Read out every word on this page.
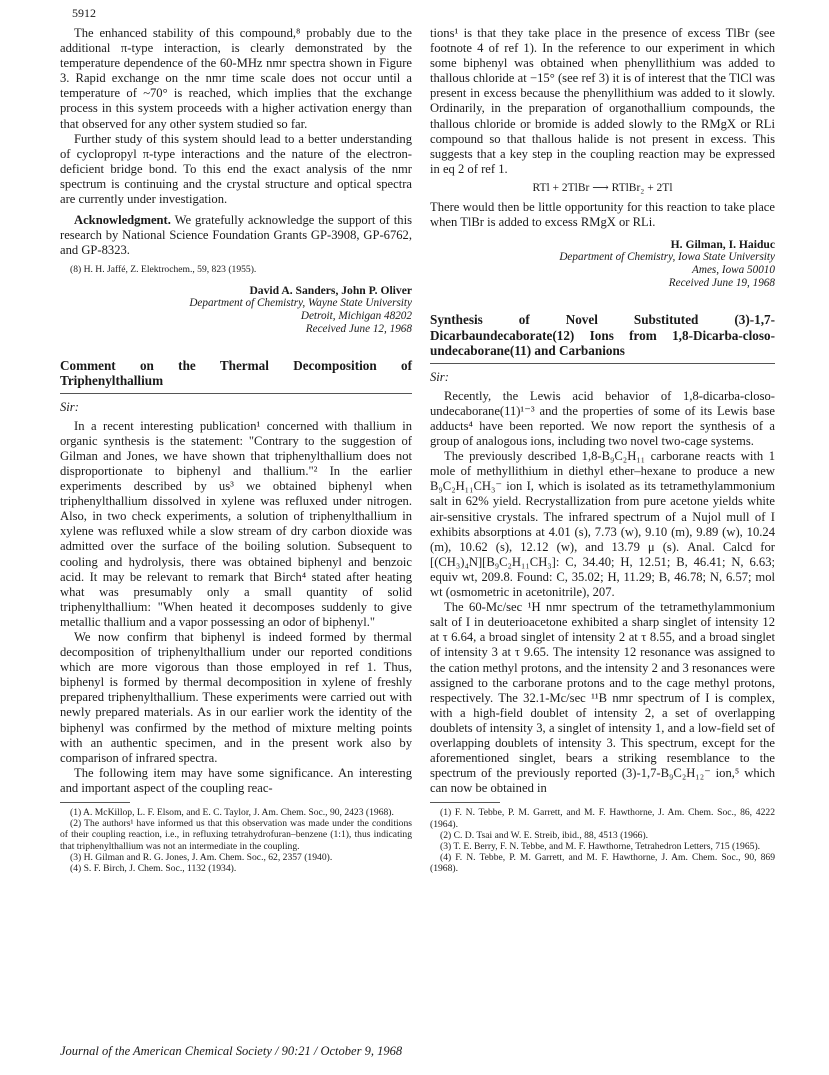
5912

The enhanced stability of this compound,⁸ probably due to the additional π-type interaction, is clearly demonstrated by the temperature dependence of the 60-MHz nmr spectra shown in Figure 3. Rapid exchange on the nmr time scale does not occur until a temperature of ~70° is reached, which implies that the exchange process in this system proceeds with a higher activation energy than that observed for any other system studied so far.

Further study of this system should lead to a better understanding of cyclopropyl π-type interactions and the nature of the electron-deficient bridge bond. To this end the exact analysis of the nmr spectrum is continuing and the crystal structure and optical spectra are currently under investigation.

Acknowledgment. We gratefully acknowledge the support of this research by National Science Foundation Grants GP-3908, GP-6762, and GP-8323.

(8) H. H. Jaffé, Z. Elektrochem., 59, 823 (1955).

David A. Sanders, John P. Oliver
Department of Chemistry, Wayne State University
Detroit, Michigan 48202
Received June 12, 1968
Comment on the Thermal Decomposition of Triphenylthallium
Sir:

In a recent interesting publication¹ concerned with thallium in organic synthesis is the statement: "Contrary to the suggestion of Gilman and Jones, we have shown that triphenylthallium does not disproportionate to biphenyl and thallium."² In the earlier experiments described by us³ we obtained biphenyl when triphenylthallium dissolved in xylene was refluxed under nitrogen. Also, in two check experiments, a solution of triphenylthallium in xylene was refluxed while a slow stream of dry carbon dioxide was admitted over the surface of the boiling solution. Subsequent to cooling and hydrolysis, there was obtained biphenyl and benzoic acid. It may be relevant to remark that Birch⁴ stated after heating what was presumably only a small quantity of solid triphenylthallium: "When heated it decomposes suddenly to give metallic thallium and a vapor possessing an odor of biphenyl."

We now confirm that biphenyl is indeed formed by thermal decomposition of triphenylthallium under our reported conditions which are more vigorous than those employed in ref 1. Thus, biphenyl is formed by thermal decomposition in xylene of freshly prepared triphenylthallium. These experiments were carried out with newly prepared materials. As in our earlier work the identity of the biphenyl was confirmed by the method of mixture melting points with an authentic specimen, and in the present work also by comparison of infrared spectra.

The following item may have some significance. An interesting and important aspect of the coupling reac-

(1) A. McKillop, L. F. Elsom, and E. C. Taylor, J. Am. Chem. Soc., 90, 2423 (1968).

(2) The authors¹ have informed us that this observation was made under the conditions of their coupling reaction, i.e., in refluxing tetrahydrofuran–benzene (1:1), thus indicating that triphenylthallium was not an intermediate in the coupling.

(3) H. Gilman and R. G. Jones, J. Am. Chem. Soc., 62, 2357 (1940).

(4) S. F. Birch, J. Chem. Soc., 1132 (1934).

tions¹ is that they take place in the presence of excess TlBr (see footnote 4 of ref 1). In the reference to our experiment in which some biphenyl was obtained when phenyllithium was added to thallous chloride at −15° (see ref 3) it is of interest that the TlCl was present in excess because the phenyllithium was added to it slowly. Ordinarily, in the preparation of organothallium compounds, the thallous chloride or bromide is added slowly to the RMgX or RLi compound so that thallous halide is not present in excess. This suggests that a key step in the coupling reaction may be expressed in eq 2 of ref 1.

RTl + 2TlBr ⟶ RTlBr₂ + 2Tl

There would then be little opportunity for this reaction to take place when TlBr is added to excess RMgX or RLi.

H. Gilman, I. Haiduc
Department of Chemistry, Iowa State University
Ames, Iowa 50010
Received June 19, 1968
Synthesis of Novel Substituted (3)-1,7-Dicarbaundecaborate(12) Ions from 1,8-Dicarba-closo-undecaborane(11) and Carbanions
Sir:

Recently, the Lewis acid behavior of 1,8-dicarba-closo-undecaborane(11)¹⁻³ and the properties of some of its Lewis base adducts⁴ have been reported. We now report the synthesis of a group of analogous ions, including two novel two-cage systems.

The previously described 1,8-B₉C₂H₁₁ carborane reacts with 1 mole of methyllithium in diethyl ether–hexane to produce a new B₉C₂H₁₁CH₃⁻ ion I, which is isolated as its tetramethylammonium salt in 62% yield. Recrystallization from pure acetone yields white air-sensitive crystals. The infrared spectrum of a Nujol mull of I exhibits absorptions at 4.01 (s), 7.73 (w), 9.10 (m), 9.89 (w), 10.24 (m), 10.62 (s), 12.12 (w), and 13.79 μ (s). Anal. Calcd for [(CH₃)₄N][B₉C₂H₁₁CH₃]: C, 34.40; H, 12.51; B, 46.41; N, 6.63; equiv wt, 209.8. Found: C, 35.02; H, 11.29; B, 46.78; N, 6.57; mol wt (osmometric in acetonitrile), 207.

The 60-Mc/sec ¹H nmr spectrum of the tetramethylammonium salt of I in deuterioacetone exhibited a sharp singlet of intensity 12 at τ 6.64, a broad singlet of intensity 2 at τ 8.55, and a broad singlet of intensity 3 at τ 9.65. The intensity 12 resonance was assigned to the cation methyl protons, and the intensity 2 and 3 resonances were assigned to the carborane protons and to the cage methyl protons, respectively. The 32.1-Mc/sec ¹¹B nmr spectrum of I is complex, with a high-field doublet of intensity 2, a set of overlapping doublets of intensity 3, a singlet of intensity 1, and a low-field set of overlapping doublets of intensity 3. This spectrum, except for the aforementioned singlet, bears a striking resemblance to the spectrum of the previously reported (3)-1,7-B₉C₂H₁₂⁻ ion,⁵ which can now be obtained in

(1) F. N. Tebbe, P. M. Garrett, and M. F. Hawthorne, J. Am. Chem. Soc., 86, 4222 (1964).

(2) C. D. Tsai and W. E. Streib, ibid., 88, 4513 (1966).

(3) T. E. Berry, F. N. Tebbe, and M. F. Hawthorne, Tetrahedron Letters, 715 (1965).

(4) F. N. Tebbe, P. M. Garrett, and M. F. Hawthorne, J. Am. Chem. Soc., 90, 869 (1968).

Journal of the American Chemical Society / 90:21 / October 9, 1968
